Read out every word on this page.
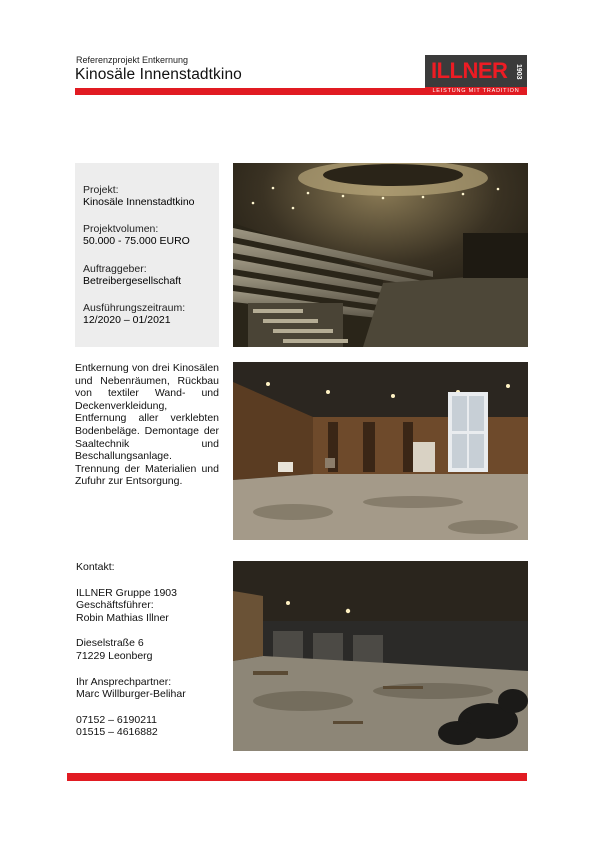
Referenzprojekt Entkernung
Kinosäle Innenstadtkino	ILLNER	1903
LEISTUNG MIT TRADITION
Projekt:
Kinosäle Innenstadtkino
Projektvolumen:
50.000 - 75.000 EURO
Auftraggeber:
Betreibergesellschaft
Ausführungszeitraum:
12/2020 – 01/2021
Entkernung von drei Kinosälen und Nebenräumen, Rückbau von textiler Wand- und Deckenverkleidung, Entfernung aller verklebten Bodenbeläge. Demontage der Saaltechnik und Beschallungsanlage. Trennung der Materialien und Zufuhr zur Entsorgung.
Kontakt:
ILLNER Gruppe 1903
Geschäftsführer:
Robin Mathias Illner
Dieselstraße 6
71229 Leonberg
Ihr Ansprechpartner:
Marc Willburger-Belihar
07152 – 6190211
01515 – 4616882
